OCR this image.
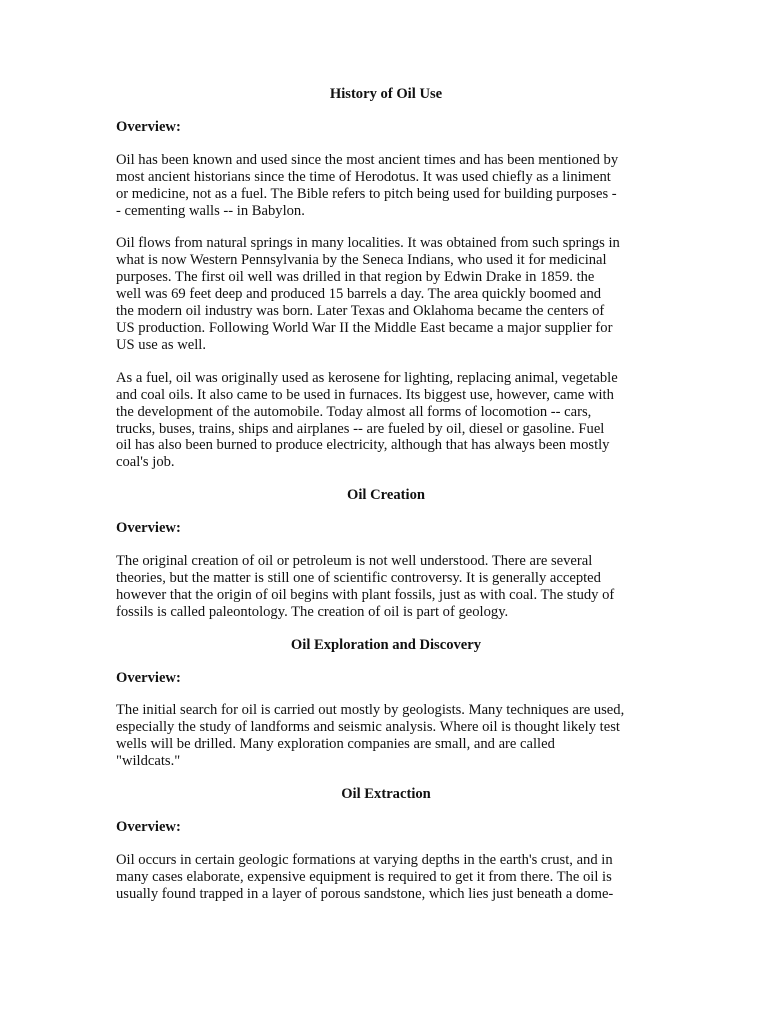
History of Oil Use
Overview:
Oil has been known and used since the most ancient times and has been mentioned by
most ancient historians since the time of Herodotus. It was used chiefly as a liniment
or medicine, not as a fuel. The Bible refers to pitch being used for building purposes -
- cementing walls -- in Babylon.
Oil flows from natural springs in many localities. It was obtained from such springs in
what is now Western Pennsylvania by the Seneca Indians, who used it for medicinal
purposes. The first oil well was drilled in that region by Edwin Drake in 1859. the
well was 69 feet deep and produced 15 barrels a day. The area quickly boomed and
the modern oil industry was born. Later Texas and Oklahoma became the centers of
US production. Following World War II the Middle East became a major supplier for
US use as well.
As a fuel, oil was originally used as kerosene for lighting, replacing animal, vegetable
and coal oils. It also came to be used in furnaces. Its biggest use, however, came with
the development of the automobile. Today almost all forms of locomotion -- cars,
trucks, buses, trains, ships and airplanes -- are fueled by oil, diesel or gasoline. Fuel
oil has also been burned to produce electricity, although that has always been mostly
coal's job.
Oil Creation
Overview:
The original creation of oil or petroleum is not well understood. There are several
theories, but the matter is still one of scientific controversy. It is generally accepted
however that the origin of oil begins with plant fossils, just as with coal. The study of
fossils is called paleontology. The creation of oil is part of geology.
Oil Exploration and Discovery
Overview:
The initial search for oil is carried out mostly by geologists. Many techniques are used,
especially the study of landforms and seismic analysis. Where oil is thought likely test
wells will be drilled. Many exploration companies are small, and are called
"wildcats."
Oil Extraction
Overview:
Oil occurs in certain geologic formations at varying depths in the earth's crust, and in
many cases elaborate, expensive equipment is required to get it from there. The oil is
usually found trapped in a layer of porous sandstone, which lies just beneath a dome-
